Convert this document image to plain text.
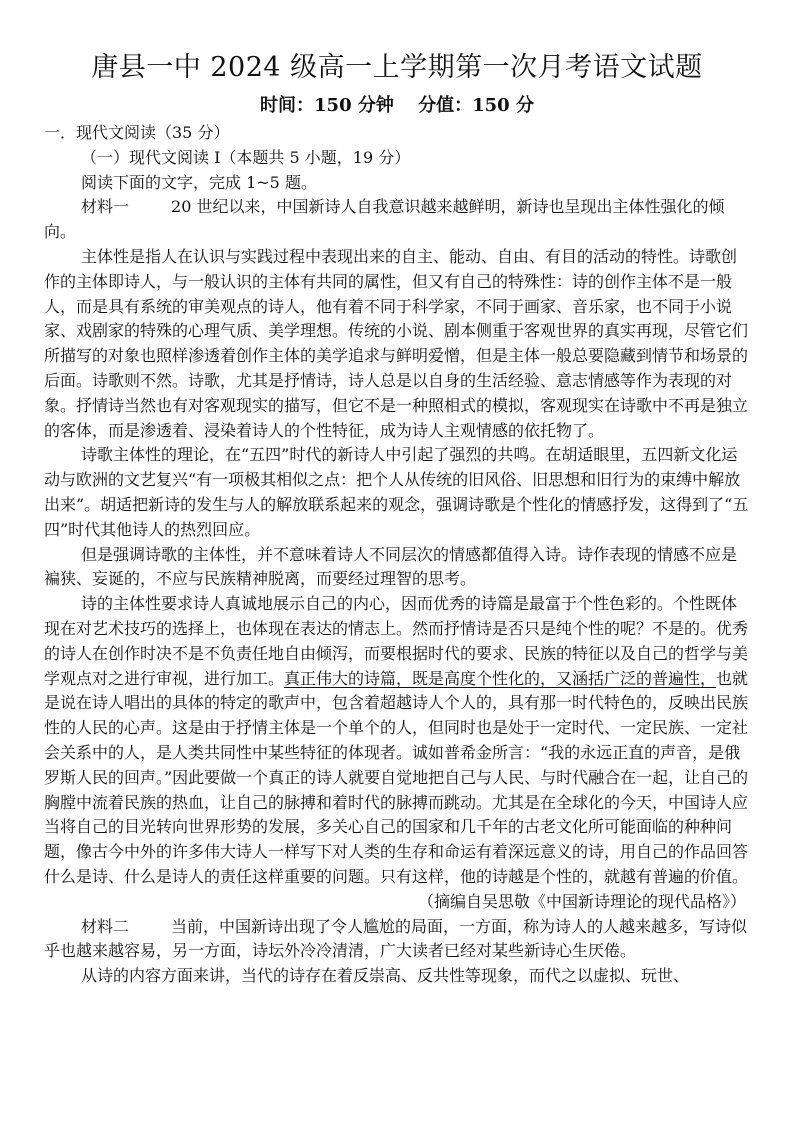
唐县一中 2024 级高一上学期第一次月考语文试题
时间：150 分钟　 分值：150 分

一．现代文阅读（35 分）

（一）现代文阅读 I（本题共 5 小题，19 分）

阅读下面的文字，完成 1~5 题。

材料一	20 世纪以来，中国新诗人自我意识越来越鲜明，新诗也呈现出主体性强化的倾向。

主体性是指人在认识与实践过程中表现出来的自主、能动、自由、有目的活动的特性。诗歌创作的主体即诗人，与一般认识的主体有共同的属性，但又有自己的特殊性：诗的创作主体不是一般人，而是具有系统的审美观点的诗人，他有着不同于科学家，不同于画家、音乐家，也不同于小说家、戏剧家的特殊的心理气质、美学理想。传统的小说、剧本侧重于客观世界的真实再现，尽管它们所描写的对象也照样渗透着创作主体的美学追求与鲜明爱憎，但是主体一般总要隐藏到情节和场景的后面。诗歌则不然。诗歌，尤其是抒情诗，诗人总是以自身的生活经验、意志情感等作为表现的对象。抒情诗当然也有对客观现实的描写，但它不是一种照相式的模拟，客观现实在诗歌中不再是独立的客体，而是渗透着、浸染着诗人的个性特征，成为诗人主观情感的依托物了。

诗歌主体性的理论，在“五四”时代的新诗人中引起了强烈的共鸣。在胡适眼里，五四新文化运动与欧洲的文艺复兴“有一项极其相似之点：把个人从传统的旧风俗、旧思想和旧行为的束缚中解放出来”。胡适把新诗的发生与人的解放联系起来的观念，强调诗歌是个性化的情感抒发，这得到了“五四”时代其他诗人的热烈回应。

但是强调诗歌的主体性，并不意味着诗人不同层次的情感都值得入诗。诗作表现的情感不应是褊狭、妄诞的，不应与民族精神脱离，而要经过理智的思考。

诗的主体性要求诗人真诚地展示自己的内心，因而优秀的诗篇是最富于个性色彩的。个性既体现在对艺术技巧的选择上，也体现在表达的情志上。然而抒情诗是否只是纯个性的呢？不是的。优秀的诗人在创作时决不是不负责任地自由倾泻，而要根据时代的要求、民族的特征以及自己的哲学与美学观点对之进行审视，进行加工。真正伟大的诗篇，既是高度个性化的，又涵括广泛的普遍性，也就是说在诗人唱出的具体的特定的歌声中，包含着超越诗人个人的，具有那一时代特色的，反映出民族性的人民的心声。这是由于抒情主体是一个单个的人，但同时也是处于一定时代、一定民族、一定社会关系中的人，是人类共同性中某些特征的体现者。诚如普希金所言：“我的永远正直的声音，是俄罗斯人民的回声。”因此要做一个真正的诗人就要自觉地把自己与人民、与时代融合在一起，让自己的胸膛中流着民族的热血，让自己的脉搏和着时代的脉搏而跳动。尤其是在全球化的今天，中国诗人应当将自己的目光转向世界形势的发展，多关心自己的国家和几千年的古老文化所可能面临的种种问题，像古今中外的许多伟大诗人一样写下对人类的生存和命运有着深远意义的诗，用自己的作品回答什么是诗、什么是诗人的责任这样重要的问题。只有这样，他的诗越是个性的，就越有普遍的价值。

（摘编自吴思敬《中国新诗理论的现代品格》）

材料二	当前，中国新诗出现了令人尴尬的局面，一方面，称为诗人的人越来越多，写诗似乎也越来越容易，另一方面，诗坛外冷冷清清，广大读者已经对某些新诗心生厌倦。

从诗的内容方面来讲，当代的诗存在着反崇高、反共性等现象，而代之以虚拟、玩世、
